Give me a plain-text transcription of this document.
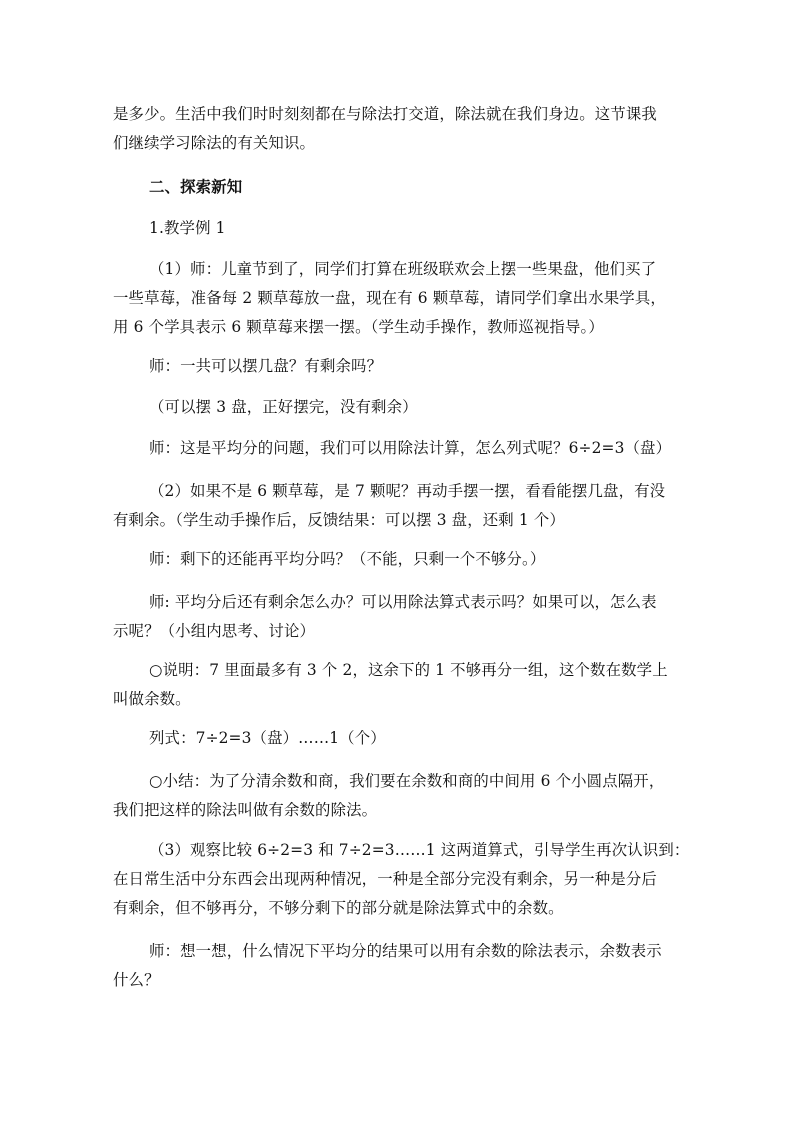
是多少。生活中我们时时刻刻都在与除法打交道，除法就在我们身边。这节课我
们继续学习除法的有关知识。

二、探索新知

1.教学例 1

（1）师：儿童节到了，同学们打算在班级联欢会上摆一些果盘，他们买了
一些草莓，准备每 2 颗草莓放一盘，现在有 6 颗草莓，请同学们拿出水果学具，
用 6 个学具表示 6 颗草莓来摆一摆。（学生动手操作，教师巡视指导。）

师：一共可以摆几盘？有剩余吗？

（可以摆 3 盘，正好摆完，没有剩余）

师：这是平均分的问题，我们可以用除法计算，怎么列式呢？6÷2=3（盘）

（2）如果不是 6 颗草莓，是 7 颗呢？再动手摆一摆，看看能摆几盘，有没
有剩余。（学生动手操作后，反馈结果：可以摆 3 盘，还剩 1 个）

师：剩下的还能再平均分吗？（不能，只剩一个不够分。）

师: 平均分后还有剩余怎么办？可以用除法算式表示吗？如果可以，怎么表
示呢？（小组内思考、讨论）

○说明：7 里面最多有 3 个 2，这余下的 1 不够再分一组，这个数在数学上
叫做余数。

列式：7÷2=3（盘）……1（个）

○小结：为了分清余数和商，我们要在余数和商的中间用 6 个小圆点隔开，
我们把这样的除法叫做有余数的除法。

（3）观察比较 6÷2=3 和 7÷2=3……1 这两道算式，引导学生再次认识到：
在日常生活中分东西会出现两种情况，一种是全部分完没有剩余，另一种是分后
有剩余，但不够再分，不够分剩下的部分就是除法算式中的余数。

师：想一想，什么情况下平均分的结果可以用有余数的除法表示，余数表示
什么？
